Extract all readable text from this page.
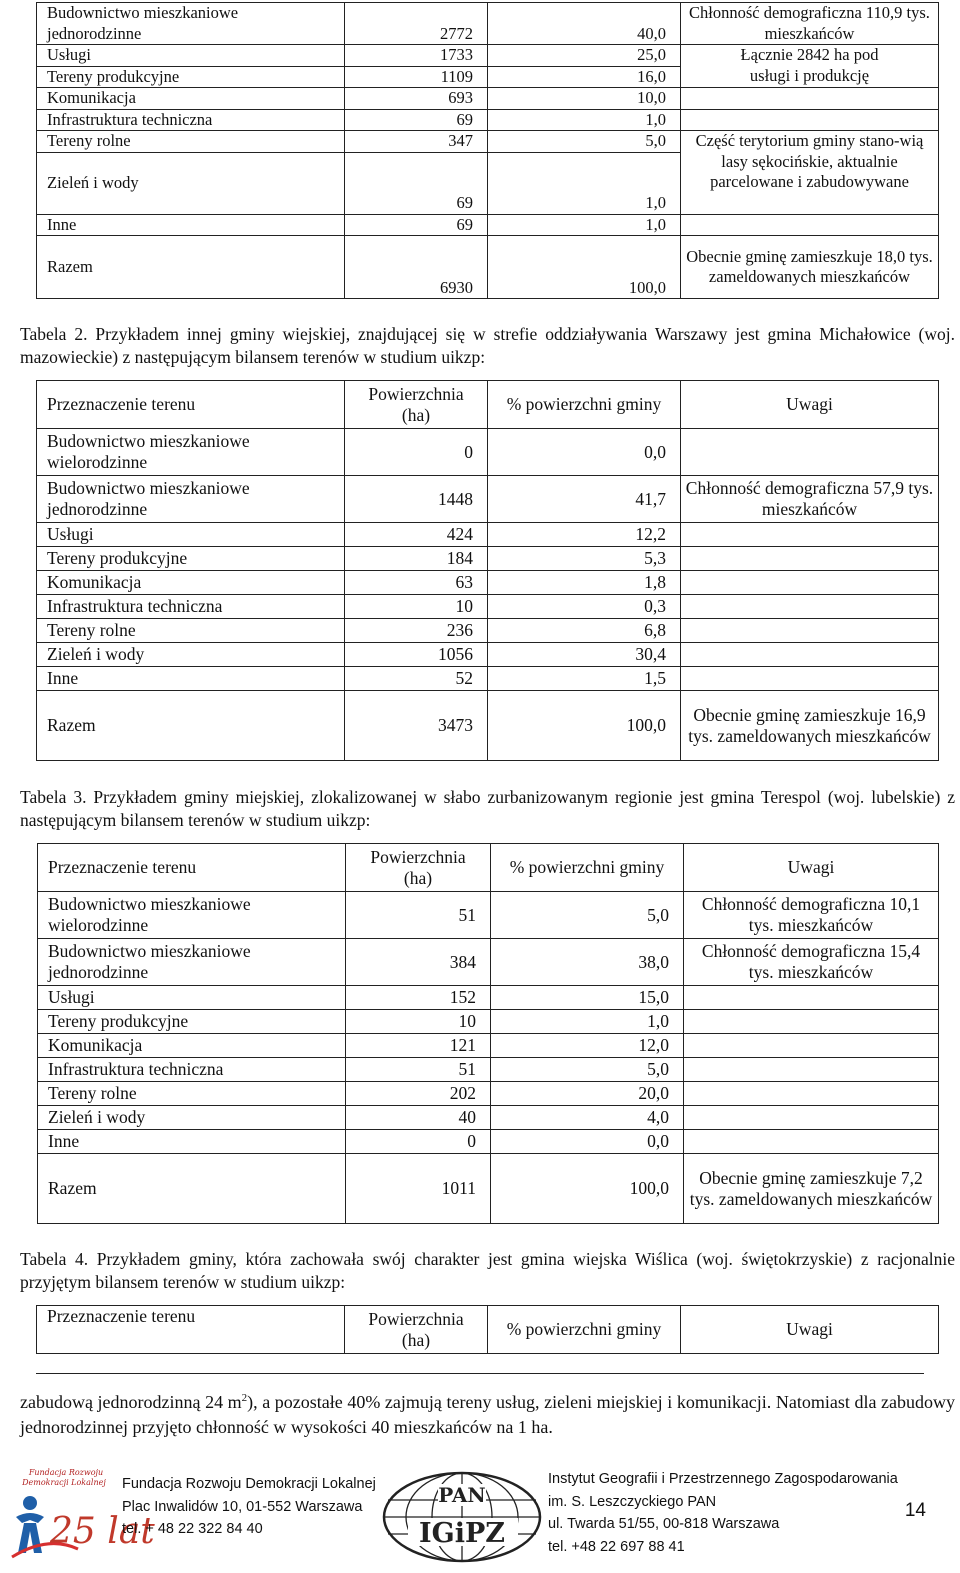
Budownictwo mieszkaniowe jednorodzinne	2772	40,0	Chłonność demograficzna 110,9 tys. mieszkańców
Usługi	1733	25,0	Łącznie 2842 ha pod usługi i produkcję
Tereny produkcyjne	1109	16,0	
Komunikacja	693	10,0	
Infrastruktura techniczna	69	1,0	
Tereny rolne	347	5,0	Część terytorium gminy stano-wią lasy sękocińskie, aktualnie parcelowane i zabudowywane
Zieleń i wody	69	1,0	
Inne	69	1,0	
Razem	6930	100,0	Obecnie gminę zamieszkuje 18,0 tys. zameldowanych mieszkańców
Tabela 2. Przykładem innej gminy wiejskiej, znajdującej się w strefie oddziaływania Warszawy jest gmina Michałowice (woj. mazowieckie) z następującym bilansem terenów w studium uikzp:
Przeznaczenie terenu	Powierzchnia (ha)	% powierzchni gminy	Uwagi
Budownictwo mieszkaniowe wielorodzinne	0	0,0	
Budownictwo mieszkaniowe jednorodzinne	1448	41,7	Chłonność demograficzna 57,9 tys. mieszkańców
Usługi	424	12,2	
Tereny produkcyjne	184	5,3	
Komunikacja	63	1,8	
Infrastruktura techniczna	10	0,3	
Tereny rolne	236	6,8	
Zieleń i wody	1056	30,4	
Inne	52	1,5	
Razem	3473	100,0	Obecnie gminę zamieszkuje 16,9 tys. zameldowanych mieszkańców
Tabela 3. Przykładem gminy miejskiej, zlokalizowanej w słabo zurbanizowanym regionie jest gmina Terespol (woj. lubelskie) z następującym bilansem terenów w studium uikzp:
Przeznaczenie terenu	Powierzchnia (ha)	% powierzchni gminy	Uwagi
Budownictwo mieszkaniowe wielorodzinne	51	5,0	Chłonność demograficzna 10,1 tys. mieszkańców
Budownictwo mieszkaniowe jednorodzinne	384	38,0	Chłonność demograficzna 15,4 tys. mieszkańców
Usługi	152	15,0	
Tereny produkcyjne	10	1,0	
Komunikacja	121	12,0	
Infrastruktura techniczna	51	5,0	
Tereny rolne	202	20,0	
Zieleń i wody	40	4,0	
Inne	0	0,0	
Razem	1011	100,0	Obecnie gminę zamieszkuje 7,2 tys. zameldowanych mieszkańców
Tabela 4. Przykładem gminy, która zachowała swój charakter jest gmina wiejska Wiślica (woj. świętokrzyskie) z racjonalnie przyjętym bilansem terenów w studium uikzp:
Przeznaczenie terenu	Powierzchnia (ha)	% powierzchni gminy	Uwagi
zabudową jednorodzinną 24 $m^2$), a pozostałe 40% zajmują tereny usług, zieleni miejskiej i komunikacji. Natomiast dla zabudowy jednorodzinnej przyjęto chłonność w wysokości 40 mieszkańców na 1 ha.
Fundacja Rozwoju
Demokracji Lokalnej
25 lat
Fundacja Rozwoju Demokracji Lokalnej
Plac Inwalidów 10, 01-552 Warszawa
tel. + 48 22 322 84 40
PAN
IGiPZ
Instytut Geografii i Przestrzennego Zagospodarowania
im. S. Leszczyckiego PAN
ul. Twarda 51/55, 00-818 Warszawa
tel. +48 22 697 88 41
14
